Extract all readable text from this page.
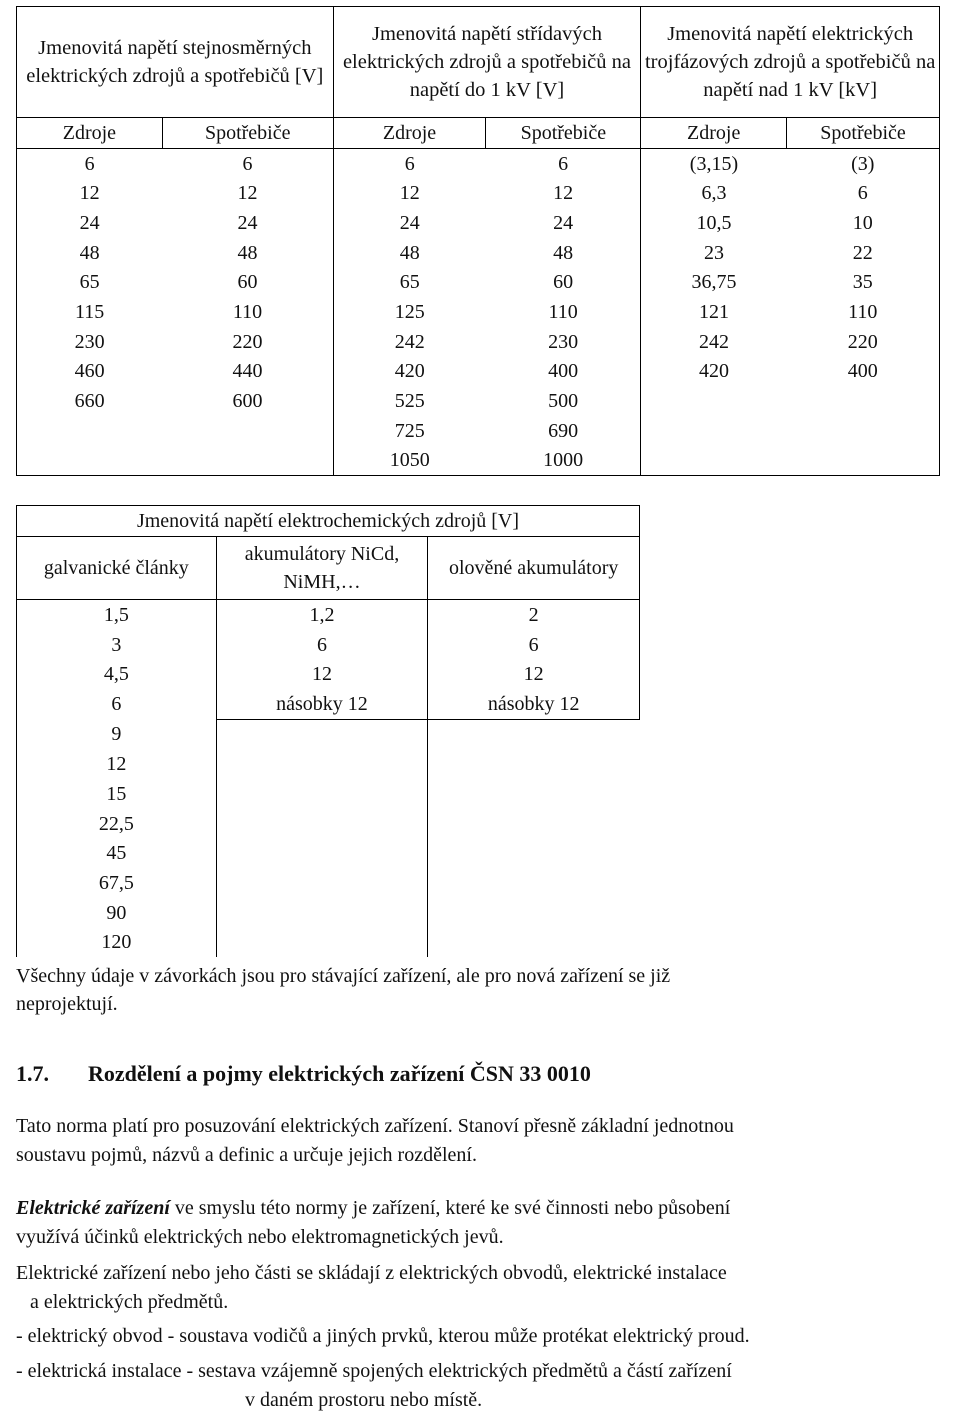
Jmenovitá napětí stejnosměrných elektrických zdrojů a spotřebičů [V]		Jmenovitá napětí střídavých elektrických zdrojů a spotřebičů na napětí do 1 kV [V]		Jmenovitá napětí elektrických trojfázových zdrojů a spotřebičů na napětí nad 1 kV [kV]	
Zdroje	Spotřebiče	Zdroje	Spotřebiče	Zdroje	Spotřebiče
6	6	6	6	(3,15)	(3)
12	12	12	12	6,3	6
24	24	24	24	10,5	10
48	48	48	48	23	22
65	60	65	60	36,75	35
115	110	125	110	121	110
230	220	242	230	242	220
460	440	420	400	420	400
660	600	525	500		
		725	690		
		1050	1000		
Jmenovitá napětí elektrochemických zdrojů [V]		
galvanické články	akumulátory NiCd, NiMH,…	olověné akumulátory
1,5	1,2	2
3	6	6
4,5	12	12
6	násobky 12	násobky 12
9		
12		
15		
22,5		
45		
67,5		
90		
120		
Všechny údaje v závorkách jsou pro stávající zařízení, ale pro nová zařízení se již
neprojektují.
1.7. Rozdělení a pojmy elektrických zařízení ČSN 33 0010
Tato norma platí pro posuzování elektrických zařízení. Stanoví přesně základní jednotnou
soustavu pojmů, názvů a definic a určuje jejich rozdělení.
Elektrické zařízení ve smyslu této normy je zařízení, které ke své činnosti nebo působení
využívá účinků elektrických nebo elektromagnetických jevů.
Elektrické zařízení nebo jeho části se skládají z elektrických obvodů, elektrické instalace
a elektrických předmětů.
- elektrický obvod - soustava vodičů a jiných prvků, kterou může protékat elektrický proud.
- elektrická instalace - sestava vzájemně spojených elektrických předmětů a částí zařízení
v daném prostoru nebo místě.
